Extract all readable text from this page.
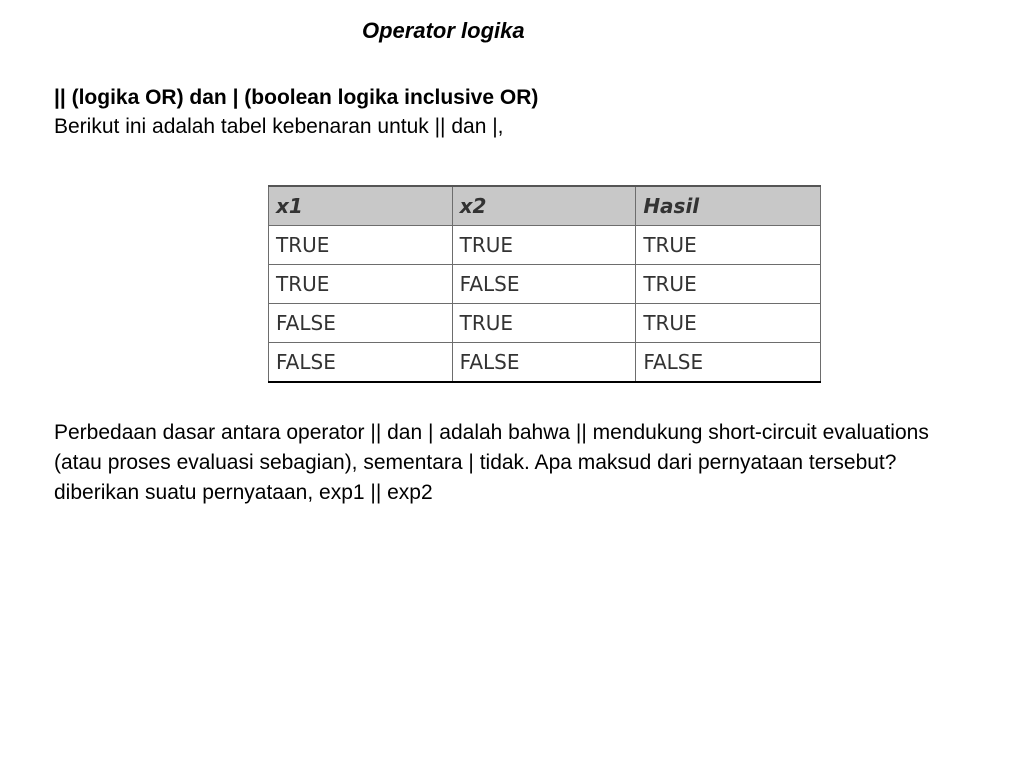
Operator logika
|| (logika OR) dan | (boolean logika inclusive OR)
Berikut ini adalah tabel kebenaran untuk || dan |,
x1	x2	Hasil
TRUE	TRUE	TRUE
TRUE	FALSE	TRUE
FALSE	TRUE	TRUE
FALSE	FALSE	FALSE

Perbedaan dasar antara operator || dan | adalah bahwa || mendukung short-circuit evaluations (atau proses evaluasi sebagian), sementara | tidak. Apa maksud dari pernyataan tersebut?

diberikan suatu pernyataan, exp1 || exp2
